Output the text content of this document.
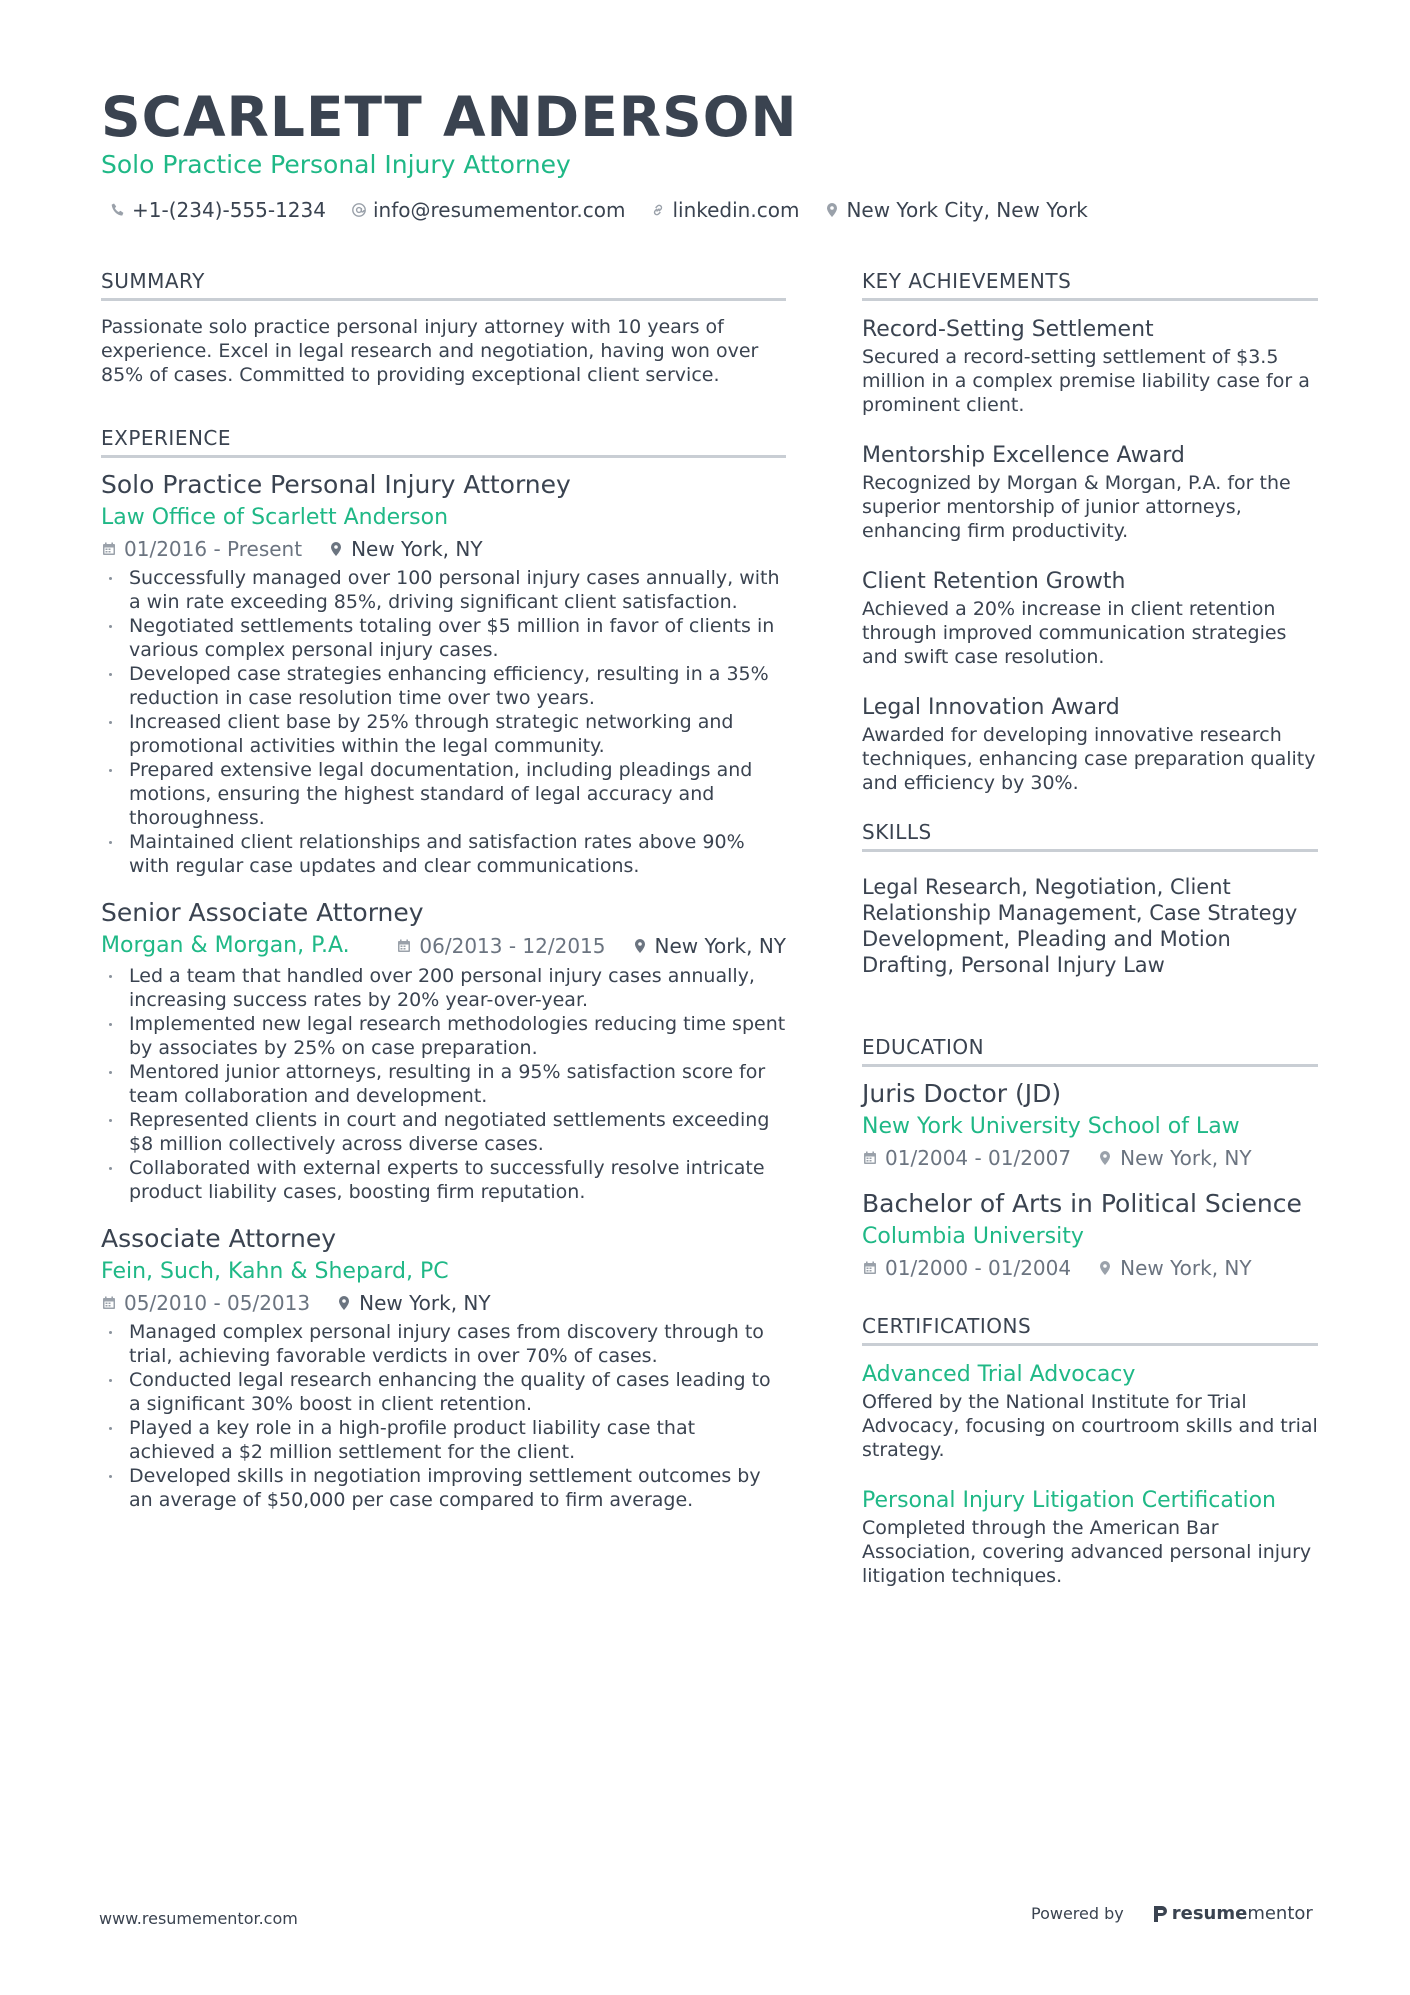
SCARLETT ANDERSON
Solo Practice Personal Injury Attorney
+1-(234)-555-1234 info@resumementor.com linkedin.com New York City, New York
SUMMARY
Passionate solo practice personal injury attorney with 10 years of experience. Excel in legal research and negotiation, having won over 85% of cases. Committed to providing exceptional client service.
EXPERIENCE
Solo Practice Personal Injury Attorney
Law Office of Scarlett Anderson
01/2016 - Present New York, NY
Successfully managed over 100 personal injury cases annually, with a win rate exceeding 85%, driving significant client satisfaction.
Negotiated settlements totaling over $5 million in favor of clients in various complex personal injury cases.
Developed case strategies enhancing efficiency, resulting in a 35% reduction in case resolution time over two years.
Increased client base by 25% through strategic networking and promotional activities within the legal community.
Prepared extensive legal documentation, including pleadings and motions, ensuring the highest standard of legal accuracy and thoroughness.
Maintained client relationships and satisfaction rates above 90% with regular case updates and clear communications.
Senior Associate Attorney
Morgan & Morgan, P.A.	06/2013 - 12/2015 New York, NY
Led a team that handled over 200 personal injury cases annually, increasing success rates by 20% year-over-year.
Implemented new legal research methodologies reducing time spent by associates by 25% on case preparation.
Mentored junior attorneys, resulting in a 95% satisfaction score for team collaboration and development.
Represented clients in court and negotiated settlements exceeding $8 million collectively across diverse cases.
Collaborated with external experts to successfully resolve intricate product liability cases, boosting firm reputation.
Associate Attorney
Fein, Such, Kahn & Shepard, PC
05/2010 - 05/2013 New York, NY
Managed complex personal injury cases from discovery through to trial, achieving favorable verdicts in over 70% of cases.
Conducted legal research enhancing the quality of cases leading to a significant 30% boost in client retention.
Played a key role in a high-profile product liability case that achieved a $2 million settlement for the client.
Developed skills in negotiation improving settlement outcomes by an average of $50,000 per case compared to firm average.
KEY ACHIEVEMENTS
Record-Setting Settlement
Secured a record-setting settlement of $3.5 million in a complex premise liability case for a prominent client.
Mentorship Excellence Award
Recognized by Morgan & Morgan, P.A. for the superior mentorship of junior attorneys, enhancing firm productivity.
Client Retention Growth
Achieved a 20% increase in client retention through improved communication strategies and swift case resolution.
Legal Innovation Award
Awarded for developing innovative research techniques, enhancing case preparation quality and efficiency by 30%.
SKILLS
Legal Research, Negotiation, Client Relationship Management, Case Strategy Development, Pleading and Motion Drafting, Personal Injury Law
EDUCATION
Juris Doctor (JD)
New York University School of Law
01/2004 - 01/2007 New York, NY
Bachelor of Arts in Political Science
Columbia University
01/2000 - 01/2004 New York, NY
CERTIFICATIONS
Advanced Trial Advocacy
Offered by the National Institute for Trial Advocacy, focusing on courtroom skills and trial strategy.
Personal Injury Litigation Certification
Completed through the American Bar Association, covering advanced personal injury litigation techniques.
www.resumementor.com	Powered by	resume mentor
